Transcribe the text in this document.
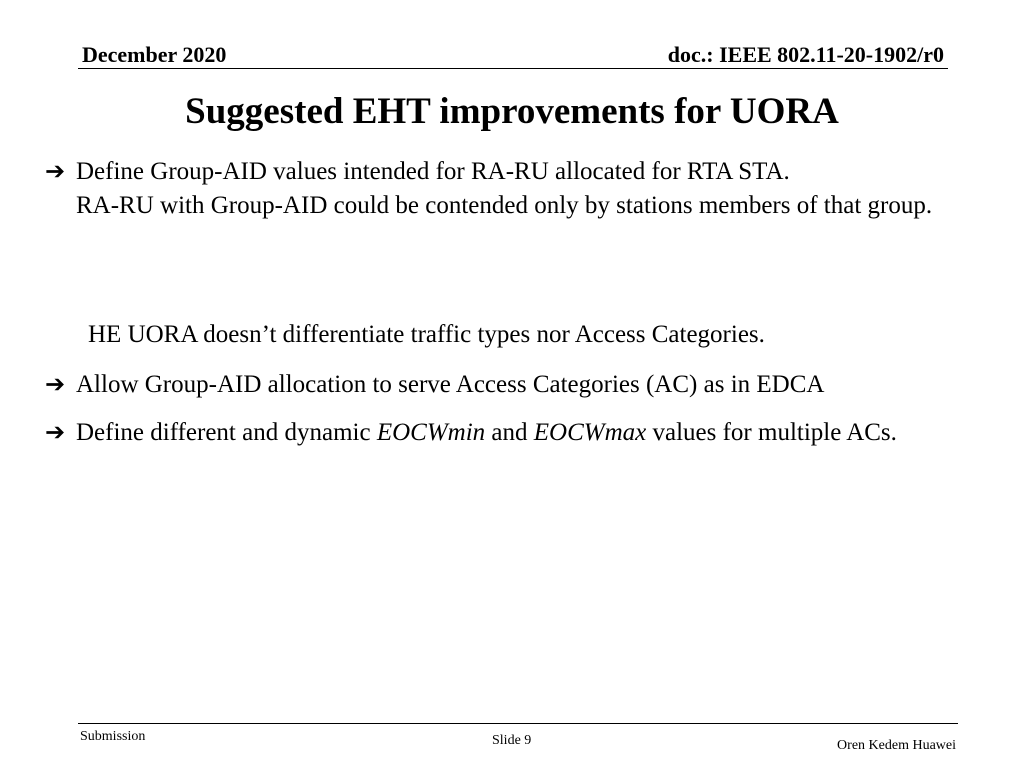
December 2020	doc.: IEEE 802.11-20-1902/r0
Suggested EHT improvements for UORA
➔ Define Group-AID values intended for RA-RU allocated for RTA STA.
RA-RU with Group-AID could be contended only by stations members of that group.
HE UORA doesn’t differentiate traffic types nor Access Categories.
➔ Allow Group-AID allocation to serve Access Categories (AC) as in EDCA
➔ Define different and dynamic EOCWmin and EOCWmax values for multiple ACs.
Submission	Slide 9	Oren Kedem Huawei
